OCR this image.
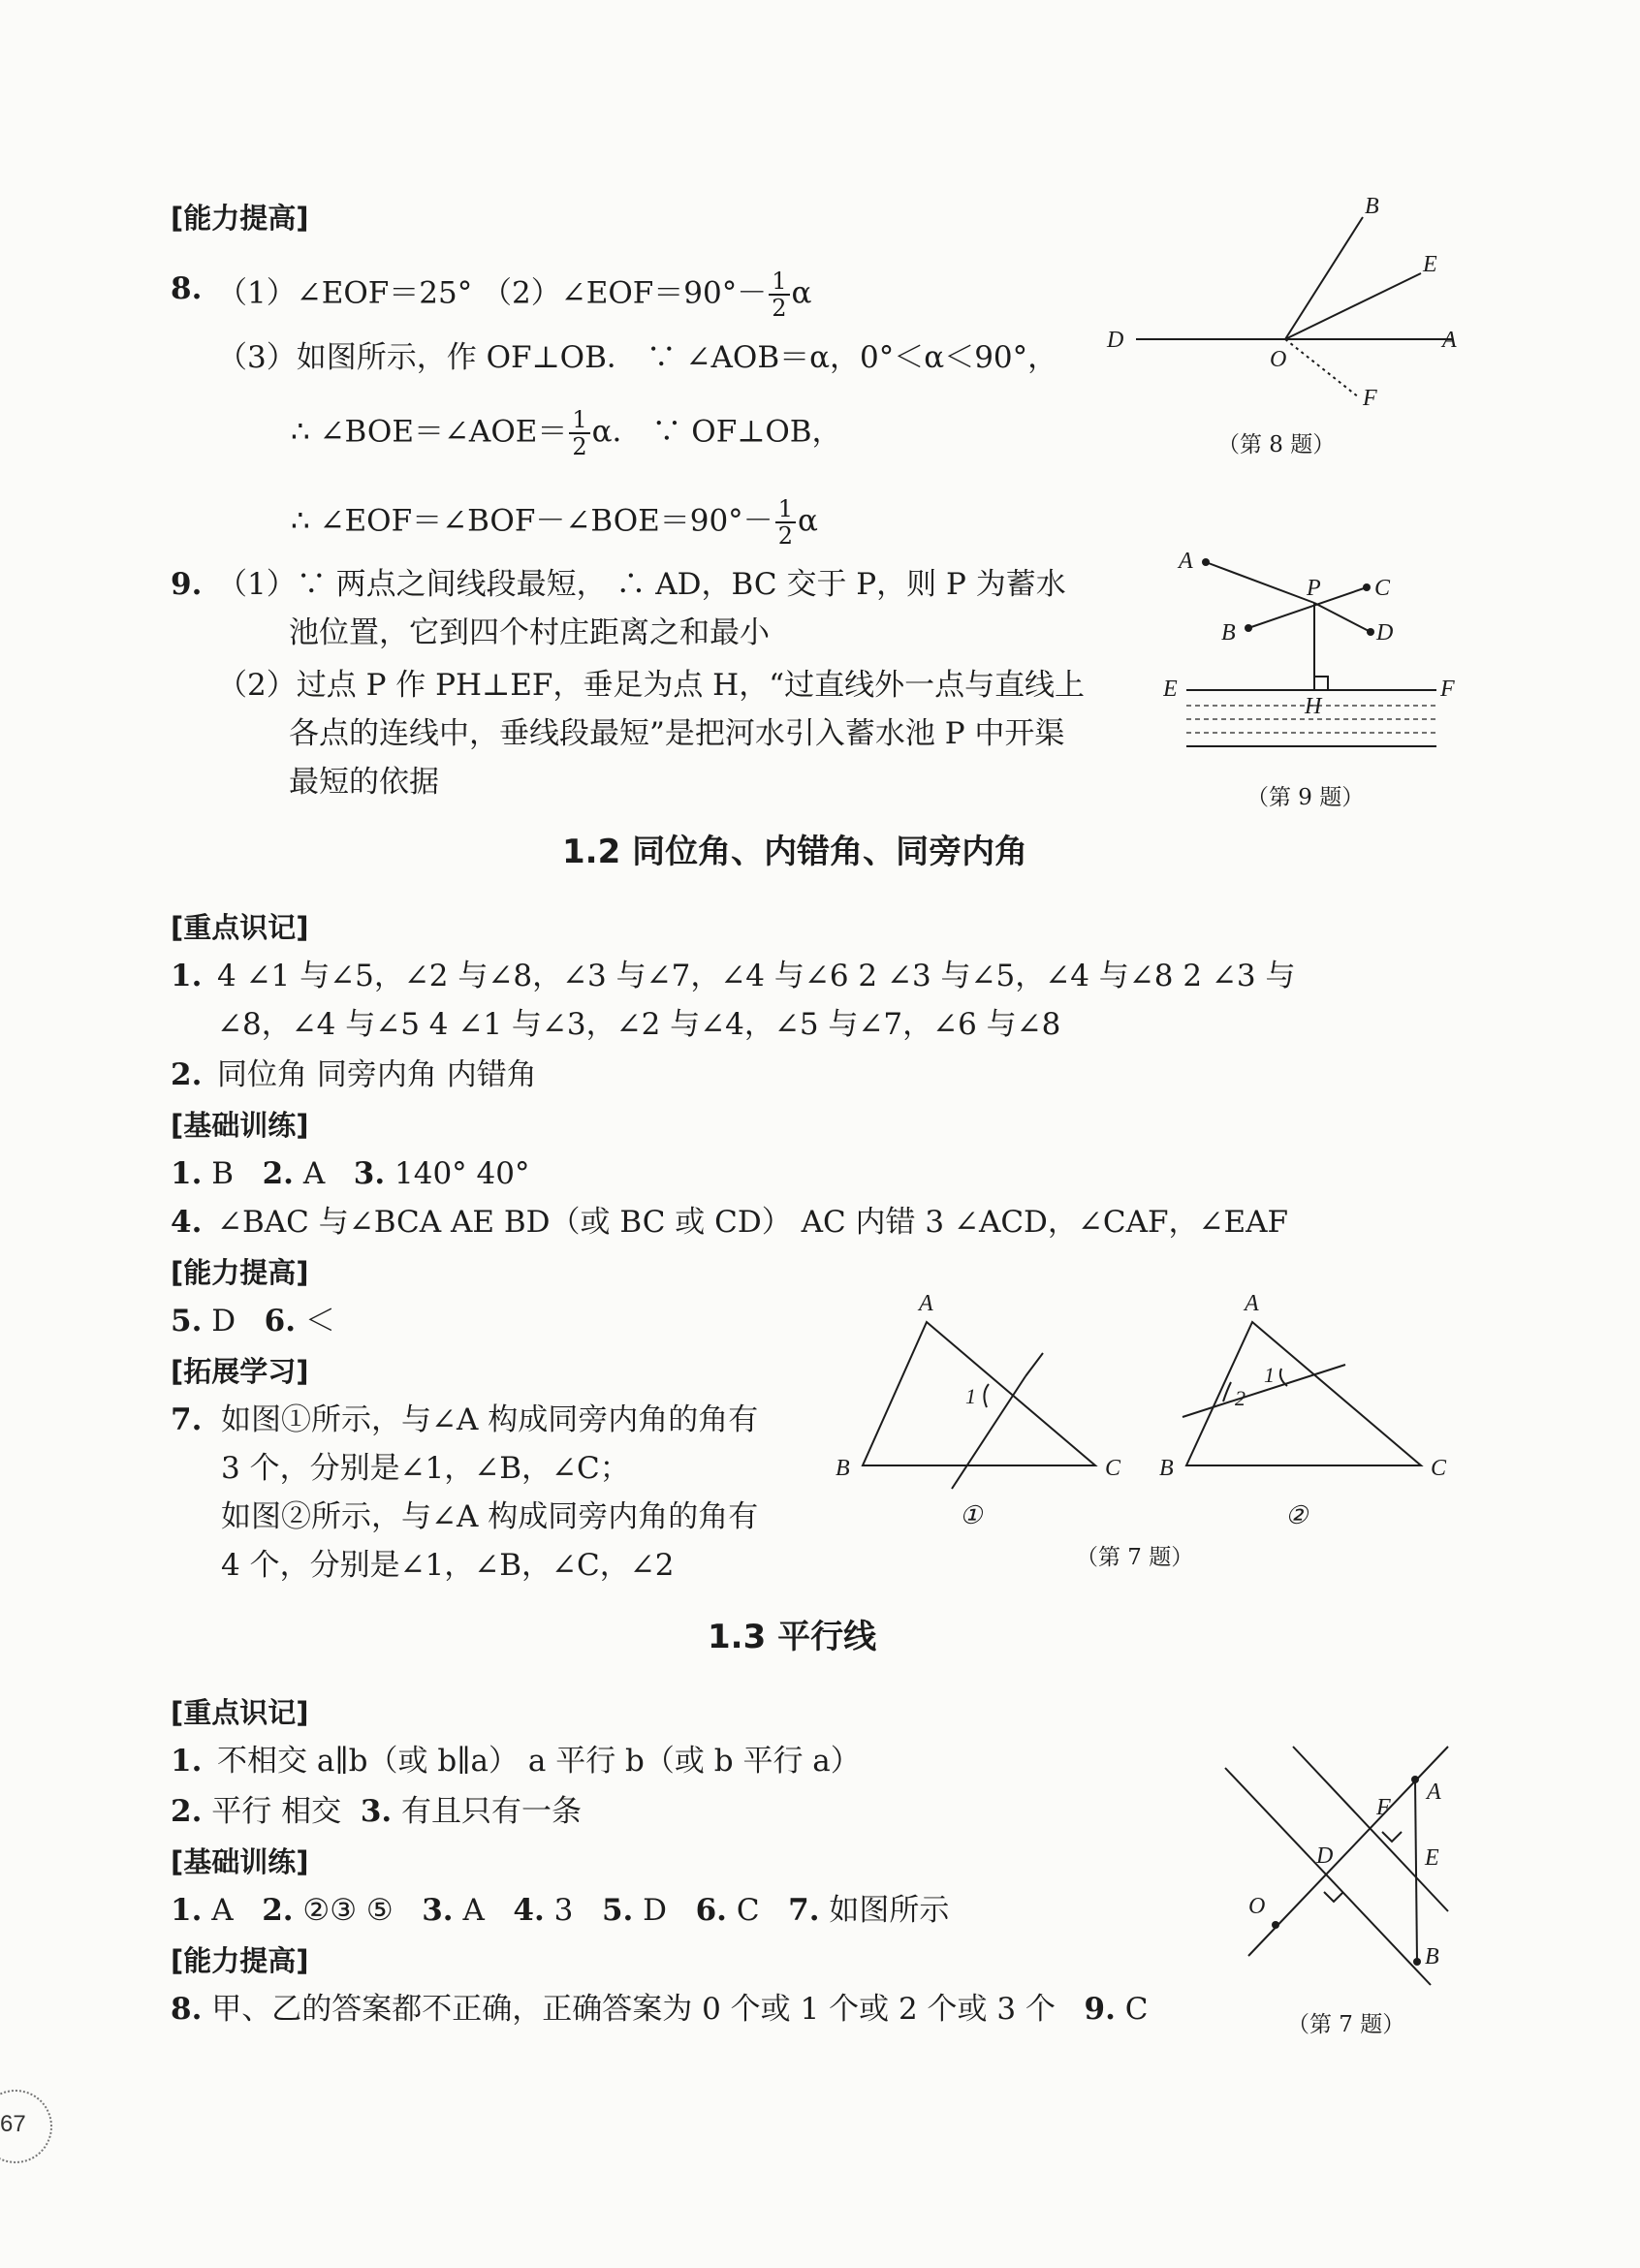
[能力提高]
8. （1）∠EOF＝25° （2）∠EOF＝90°－ $\frac{1}{2}$ α
（3）如图所示，作 OF⊥OB． ∵ ∠AOB＝α，0°＜α＜90°，
∴ ∠BOE＝∠AOE＝ $\frac{1}{2}$ α． ∵ OF⊥OB，
∴ ∠EOF＝∠BOF－∠BOE＝90°－ $\frac{1}{2}$ α
9. （1）∵ 两点之间线段最短， ∴ AD，BC 交于 P，则 P 为蓄水
池位置，它到四个村庄距离之和最小
（2）过点 P 作 PH⊥EF，垂足为点 H，“过直线外一点与直线上
各点的连线中，垂线段最短”是把河水引入蓄水池 P 中开渠
最短的依据
B
E
D
O
A
F
（第 8 题）
A
P C
B	D
E
H
F
（第 9 题）
1.2 同位角、内错角、同旁内角
[重点识记]
1. 4 ∠1 与∠5，∠2 与∠8，∠3 与∠7，∠4 与∠6 2 ∠3 与∠5，∠4 与∠8 2 ∠3 与
∠8，∠4 与∠5 4 ∠1 与∠3，∠2 与∠4，∠5 与∠7，∠6 与∠8
2. 同位角 同旁内角 内错角
[基础训练]
1. B 2. A 3. 140° 40°
4. ∠BAC 与∠BCA AE BD（或 BC 或 CD） AC 内错 3 ∠ACD，∠CAF，∠EAF
[能力提高]
5. D 6. ＜
[拓展学习]
7. 如图①所示，与∠A 构成同旁内角的角有
3 个，分别是∠1，∠B，∠C；
如图②所示，与∠A 构成同旁内角的角有
4 个，分别是∠1，∠B，∠C，∠2
A
1
B	C
①
A
1
2
B	C
②
（第 7 题）
1.3 平行线
[重点识记]
1. 不相交 a∥b（或 b∥a） a 平行 b（或 b 平行 a）
2. 平行 相交 3. 有且只有一条
[基础训练]
1. A 2. ②③ ⑤ 3. A 4. 3 5. D 6. C 7. 如图所示
[能力提高]
8. 甲、乙的答案都不正确，正确答案为 0 个或 1 个或 2 个或 3 个 9. C
F
A
D	E
O
B
（第 7 题）
67
